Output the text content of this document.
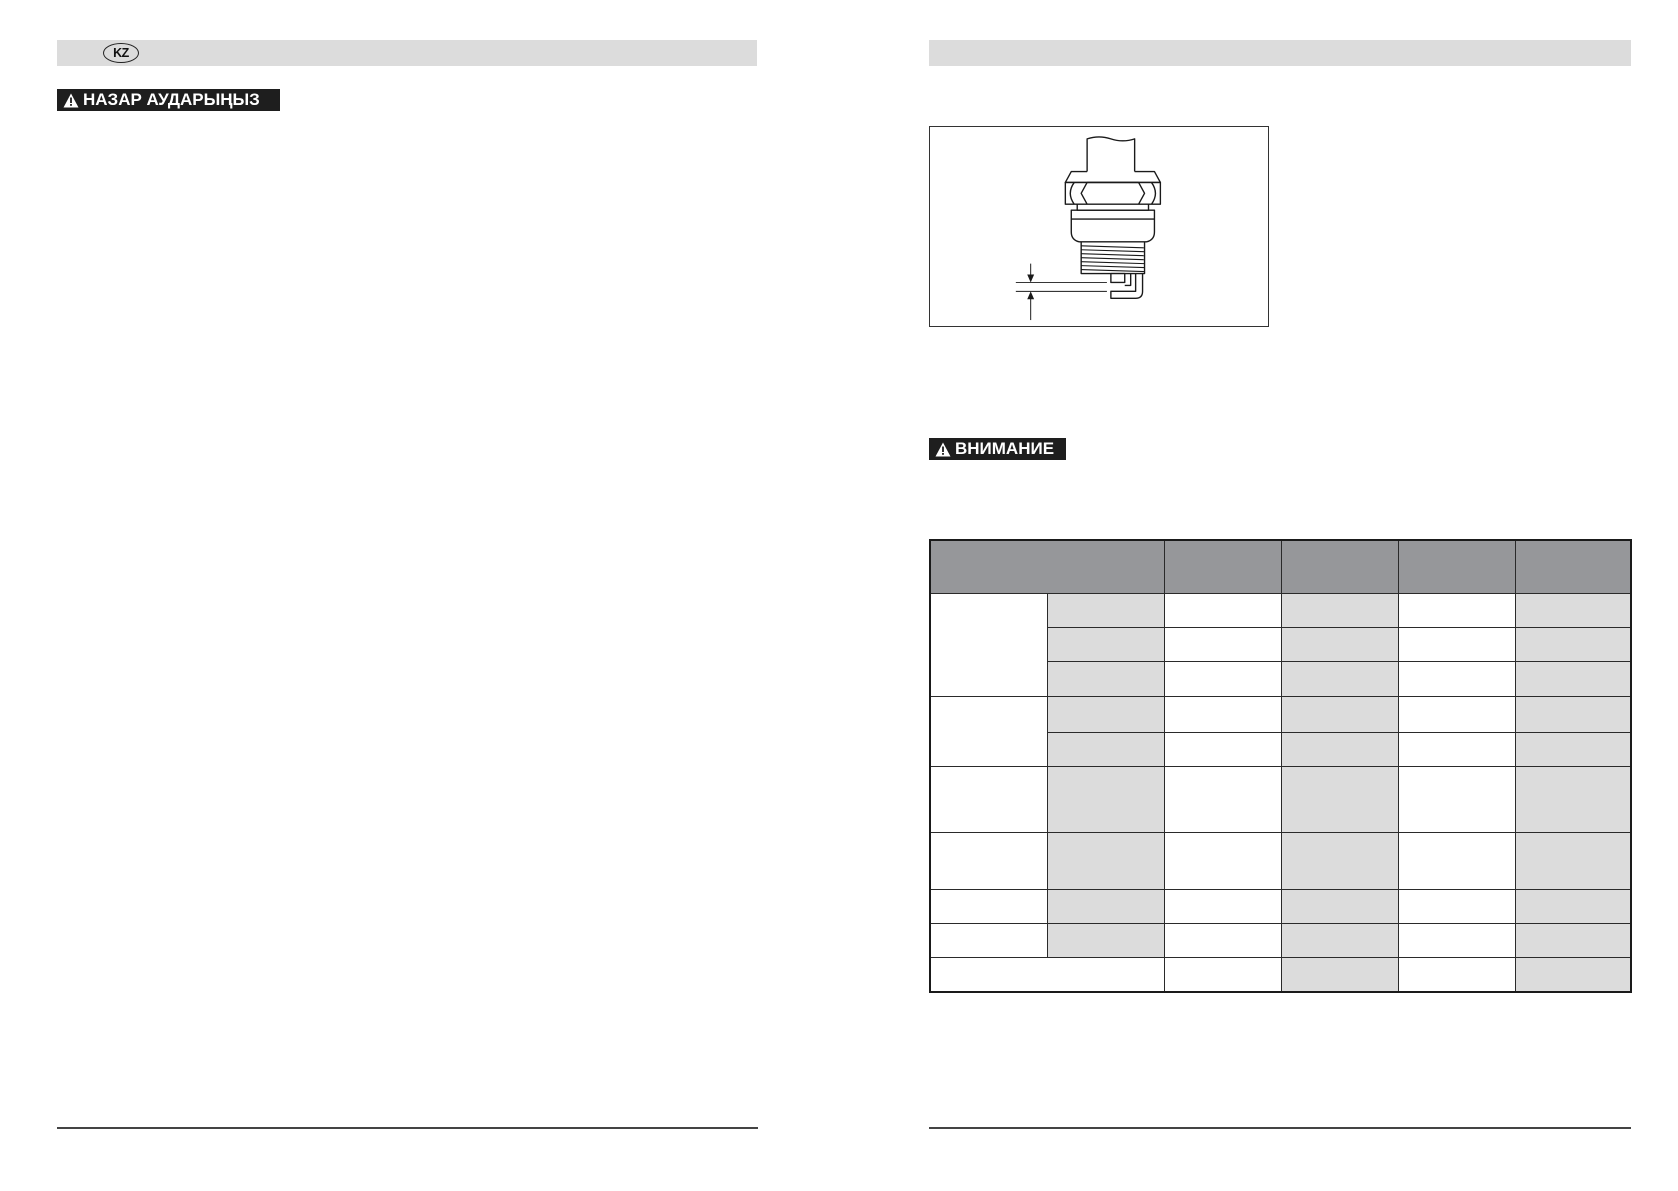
KZ
НАЗАР АУДАРЫҢЫЗ
ВНИМАНИЕ
